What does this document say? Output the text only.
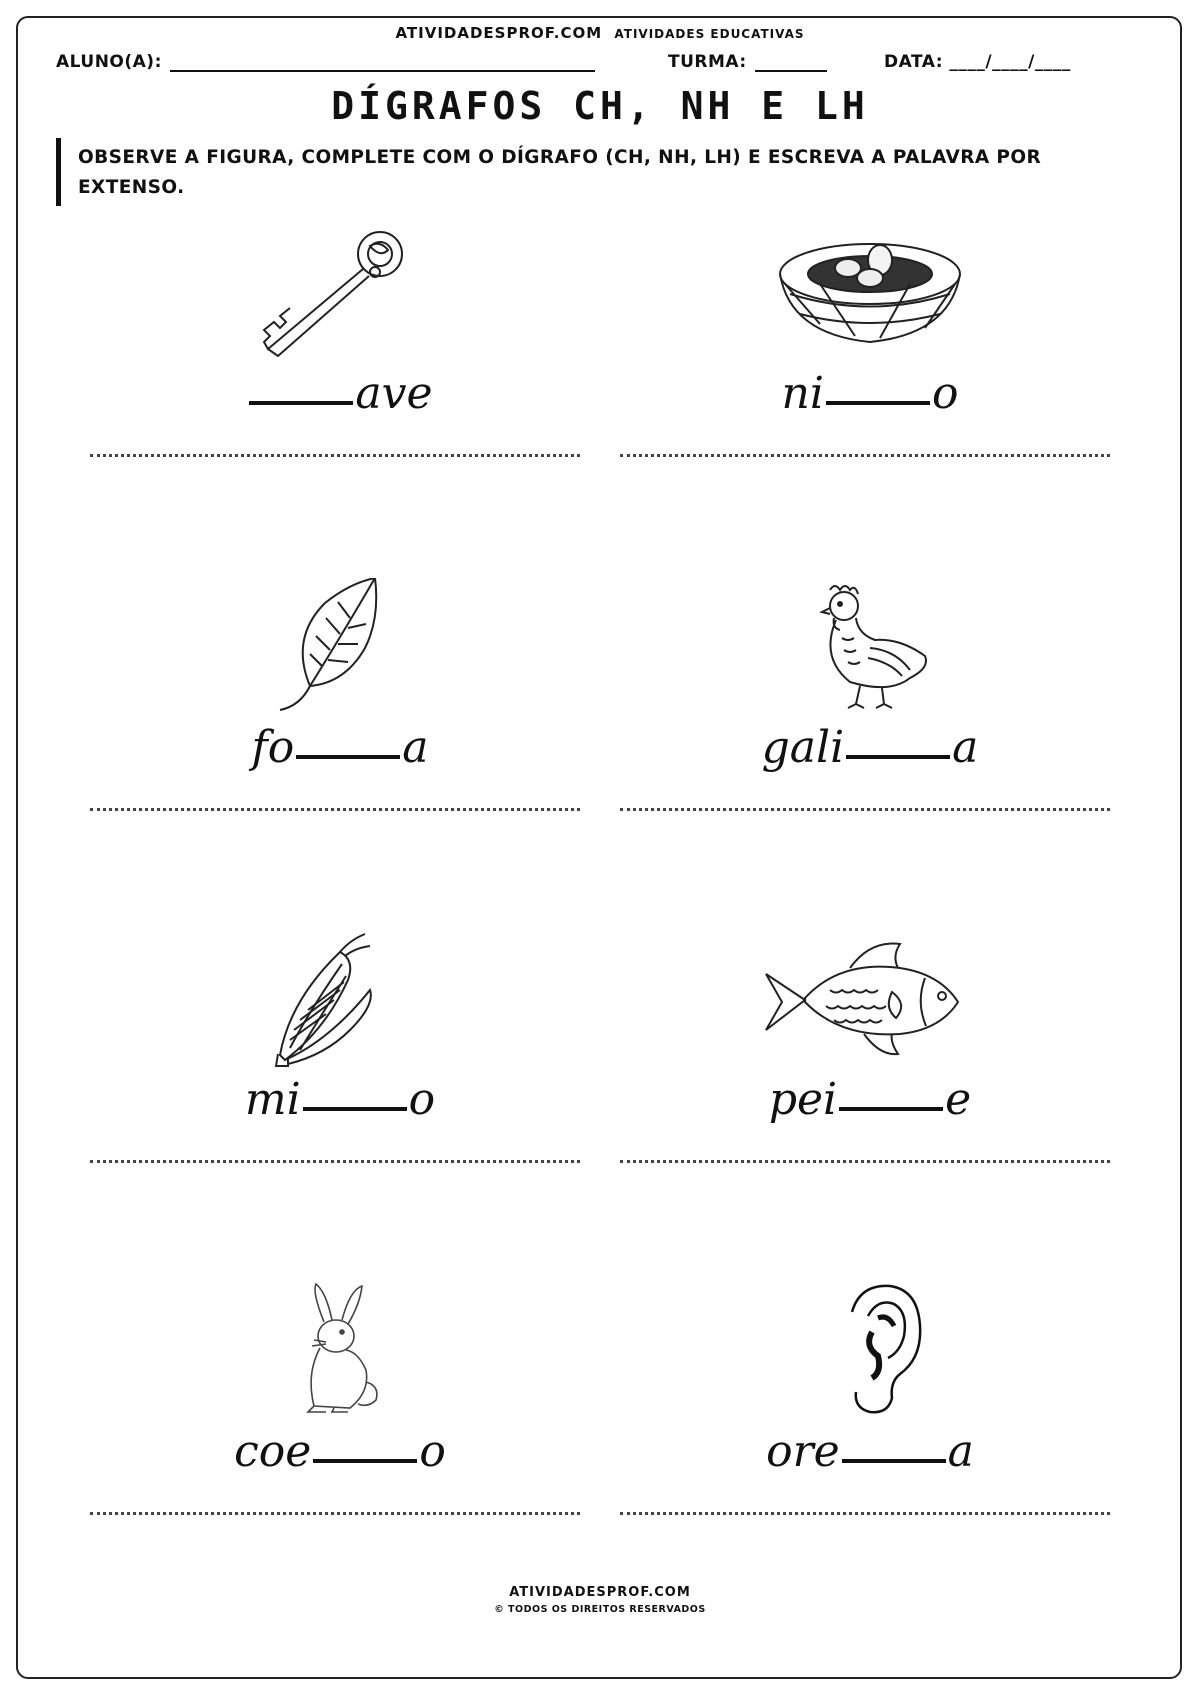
ATIVIDADESPROF.COM ATIVIDADES EDUCATIVAS
ALUNO(A):	TURMA:	DATA: ____/____/____
DÍGRAFOS CH, NH E LH
OBSERVE A FIGURA, COMPLETE COM O DÍGRAFO (CH, NH, LH) E ESCREVA A PALAVRA POR EXTENSO.
ave	ni o
fo a	gali a
mi o	pei e
coe o	ore a
ATIVIDADESPROF.COM
© TODOS OS DIREITOS RESERVADOS
